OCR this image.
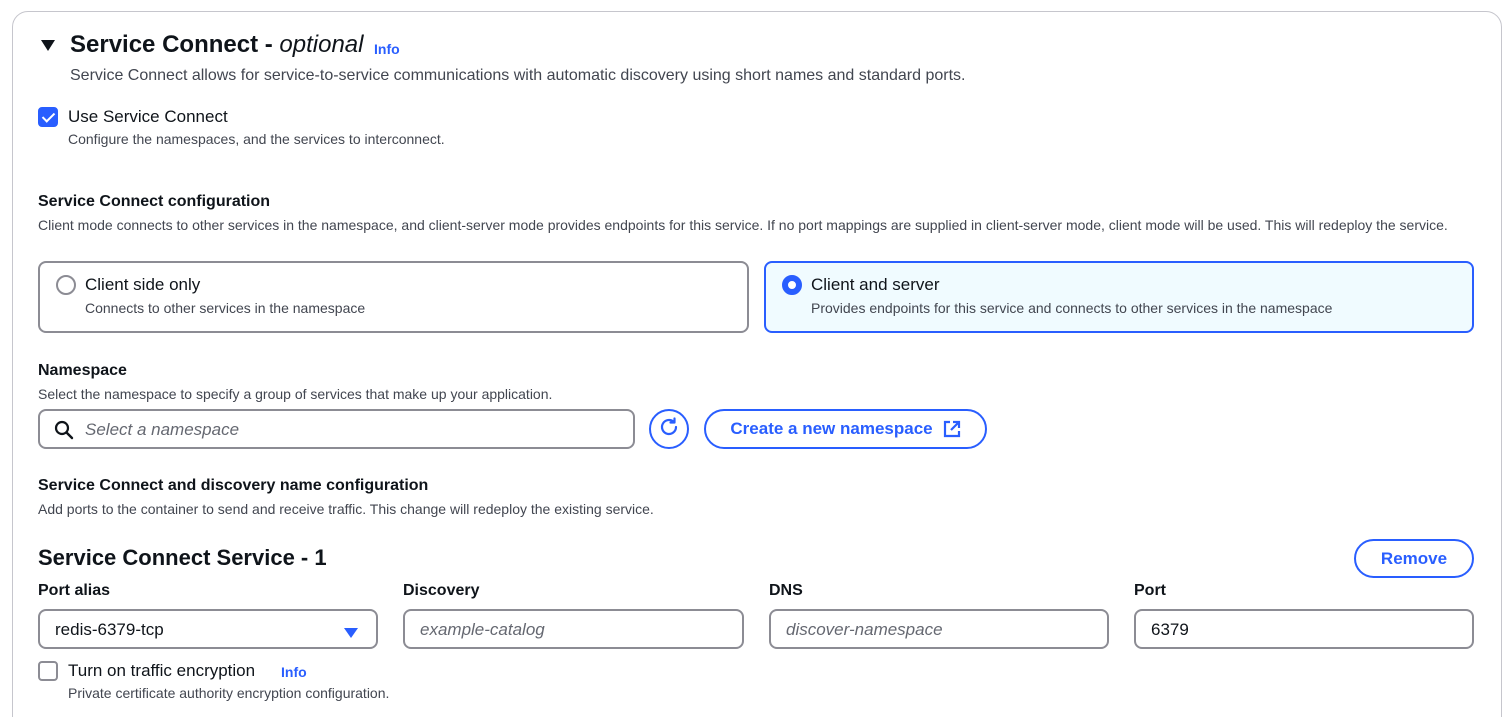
Service Connect - optional Info
Service Connect allows for service-to-service communications with automatic discovery using short names and standard ports.
Use Service Connect
Configure the namespaces, and the services to interconnect.
Service Connect configuration
Client mode connects to other services in the namespace, and client-server mode provides endpoints for this service. If no port mappings are supplied in client-server mode, client mode will be used. This will redeploy the service.
Client side only
Connects to other services in the namespace
Client and server
Provides endpoints for this service and connects to other services in the namespace
Namespace
Select the namespace to specify a group of services that make up your application.
Select a namespace	Create a new namespace
Service Connect and discovery name configuration
Add ports to the container to send and receive traffic. This change will redeploy the existing service.
Service Connect Service - 1	Remove
Port alias	Discovery	DNS	Port
redis-6379-tcp	example-catalog	discover-namespace	6379
Turn on traffic encryption Info
Private certificate authority encryption configuration.
